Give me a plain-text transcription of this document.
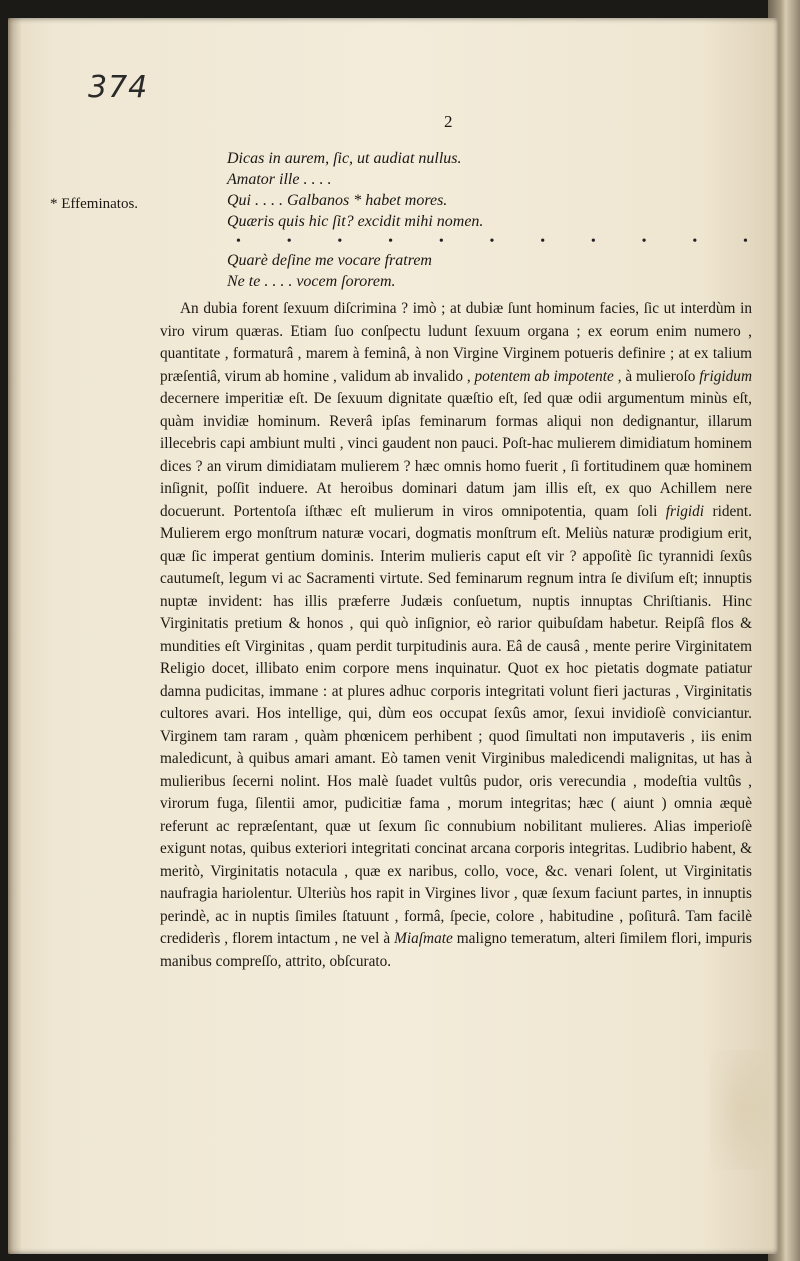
374
2
* Effeminatos.
Dicas in aurem, ſic, ut audiat nullus.
Amator ille . . . .
Qui . . . . Galbanos * habet mores.
Quæris quis hic ſit? excidit mihi nomen.
•	•	•	•	•	•	•	•	•	•	•
Quarè deſine me vocare fratrem
Ne te . . . . vocem ſororem.

An dubia forent ſexuum diſcrimina ? imò ; at dubiæ ſunt hominum facies, ſic ut interdùm in viro virum quæras. Etiam ſuo conſpectu ludunt ſexuum organa ; ex eorum enim numero , quantitate , formaturâ , marem à feminâ, à non Virgine Virginem potueris definire ; at ex talium præſentiâ, virum ab homine , validum ab invalido , potentem ab impotente , à mulieroſo frigidum decernere imperitiæ eſt. De ſexuum dignitate quæſtio eſt, ſed quæ odii argumentum minùs eſt, quàm invidiæ hominum. Reverâ ipſas feminarum formas aliqui non dedignantur, illarum illecebris capi ambiunt multi , vinci gaudent non pauci. Poſt-hac mulierem dimidiatum hominem dices ? an virum dimidiatam mulierem ? hæc omnis homo fuerit , ſi fortitudinem quæ hominem inſignit, poſſit induere. At heroibus dominari datum jam illis eſt, ex quo Achillem nere docuerunt. Portentoſa iſthæc eſt mulierum in viros omnipotentia, quam ſoli frigidi rident. Mulierem ergo monſtrum naturæ vocari, dogmatis monſtrum eſt. Meliùs naturæ prodigium erit, quæ ſic imperat gentium dominis. Interim mulieris caput eſt vir ? appoſitè ſic tyrannidi ſexûs cautumeſt, legum vi ac Sacramenti virtute. Sed feminarum regnum intra ſe diviſum eſt; innuptis nuptæ invident: has illis præferre Judæis conſuetum, nuptis innuptas Chriſtianis. Hinc Virginitatis pretium & honos , qui quò inſignior, eò rarior quibuſdam habetur. Reipſâ flos & mundities eſt Virginitas , quam perdit turpitudinis aura. Eâ de causâ , mente perire Virginitatem Religio docet, illibato enim corpore mens inquinatur. Quot ex hoc pietatis dogmate patiatur damna pudicitas, immane : at plures adhuc corporis integritati volunt fieri jacturas , Virginitatis cultores avari. Hos intellige, qui, dùm eos occupat ſexûs amor, ſexui invidioſè conviciantur. Virginem tam raram , quàm phœnicem perhibent ; quod ſimultati non imputaveris , iis enim maledicunt, à quibus amari amant. Eò tamen venit Virginibus maledicendi malignitas, ut has à mulieribus ſecerni nolint. Hos malè ſuadet vultûs pudor, oris verecundia , modeſtia vultûs , virorum fuga, ſilentii amor, pudicitiæ fama , morum integritas; hæc ( aiunt ) omnia æquè referunt ac repræſentant, quæ ut ſexum ſic connubium nobilitant mulieres. Alias imperioſè exigunt notas, quibus exteriori integritati concinat arcana corporis integritas. Ludibrio habent, & meritò, Virginitatis notacula , quæ ex naribus, collo, voce, &c. venari ſolent, ut Virginitatis naufragia hariolentur. Ulteriùs hos rapit in Virgines livor , quæ ſexum faciunt partes, in innuptis perindè, ac in nuptis ſimiles ſtatuunt , formâ, ſpecie, colore , habitudine , poſiturâ. Tam facilè crediderìs , florem intactum , ne vel à Miaſmate maligno temeratum, alteri ſimilem flori, impuris manibus compreſſo, attrito, obſcurato.
